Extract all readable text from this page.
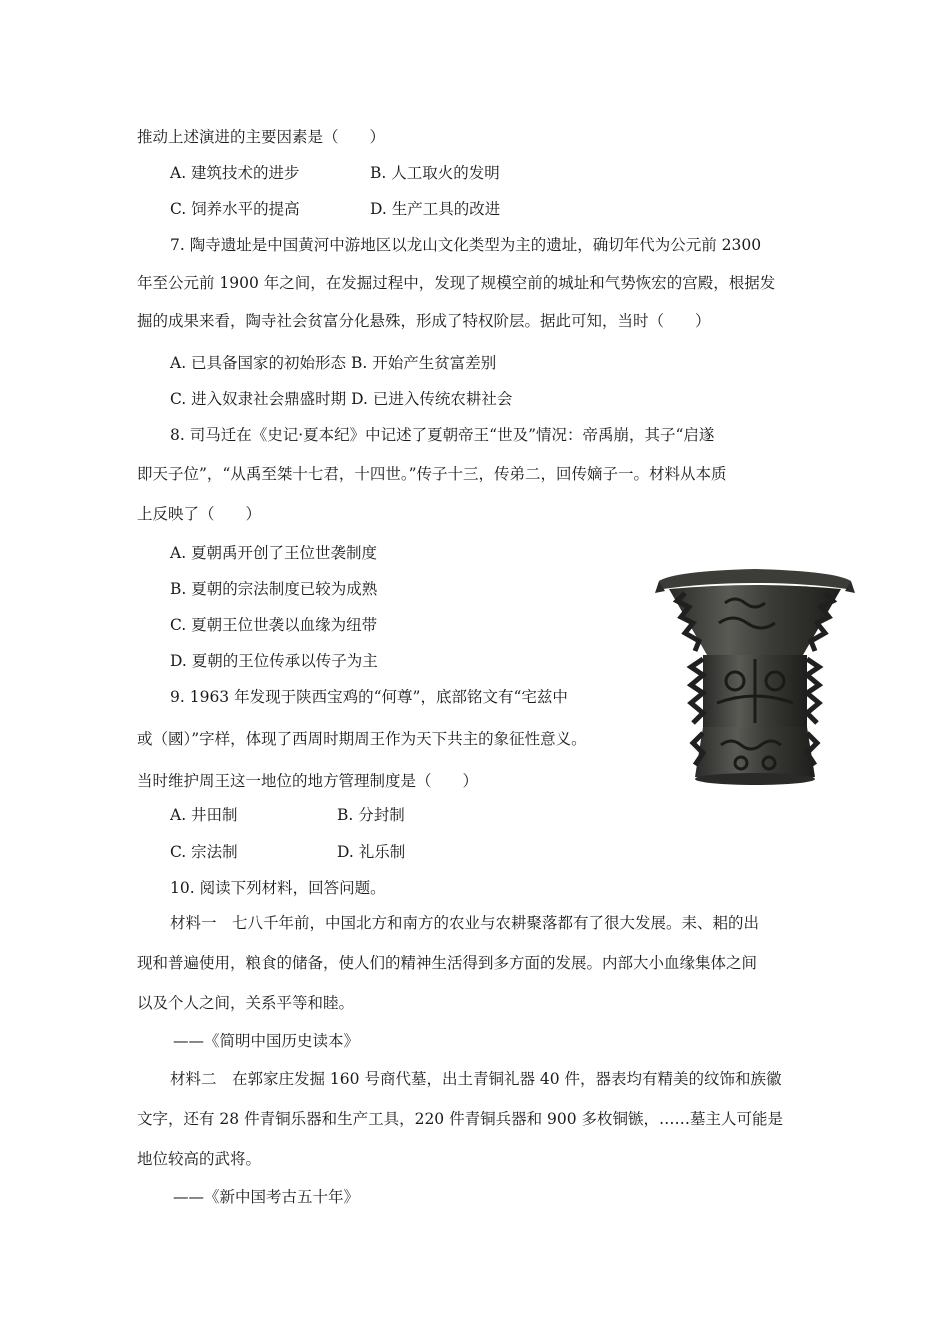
推动上述演进的主要因素是（　　）
A. 建筑技术的进步	B. 人工取火的发明
C. 饲养水平的提高	D. 生产工具的改进
7. 陶寺遗址是中国黄河中游地区以龙山文化类型为主的遗址，确切年代为公元前 2300
年至公元前 1900 年之间，在发掘过程中，发现了规模空前的城址和气势恢宏的宫殿，根据发
掘的成果来看，陶寺社会贫富分化悬殊，形成了特权阶层。据此可知，当时（　　）
A. 已具备国家的初始形态 B. 开始产生贫富差别
C. 进入奴隶社会鼎盛时期 D. 已进入传统农耕社会
8. 司马迁在《史记·夏本纪》中记述了夏朝帝王“世及”情况：帝禹崩，其子“启遂
即天子位”，“从禹至桀十七君，十四世。”传子十三，传弟二，回传嫡子一。材料从本质
上反映了（　　）
A. 夏朝禹开创了王位世袭制度
B. 夏朝的宗法制度已较为成熟
C. 夏朝王位世袭以血缘为纽带
D. 夏朝的王位传承以传子为主
9. 1963 年发现于陕西宝鸡的“何尊”，底部铭文有“宅兹中
或（國）”字样，体现了西周时期周王作为天下共主的象征性意义。
当时维护周王这一地位的地方管理制度是（　　）
A. 井田制	B. 分封制
C. 宗法制	D. 礼乐制
10. 阅读下列材料，回答问题。
材料一　七八千年前，中国北方和南方的农业与农耕聚落都有了很大发展。耒、耜的出
现和普遍使用，粮食的储备，使人们的精神生活得到多方面的发展。内部大小血缘集体之间
以及个人之间，关系平等和睦。
——《简明中国历史读本》
材料二　在郭家庄发掘 160 号商代墓，出土青铜礼器 40 件，器表均有精美的纹饰和族徽
文字，还有 28 件青铜乐器和生产工具，220 件青铜兵器和 900 多枚铜镞，……墓主人可能是
地位较高的武将。
——《新中国考古五十年》
